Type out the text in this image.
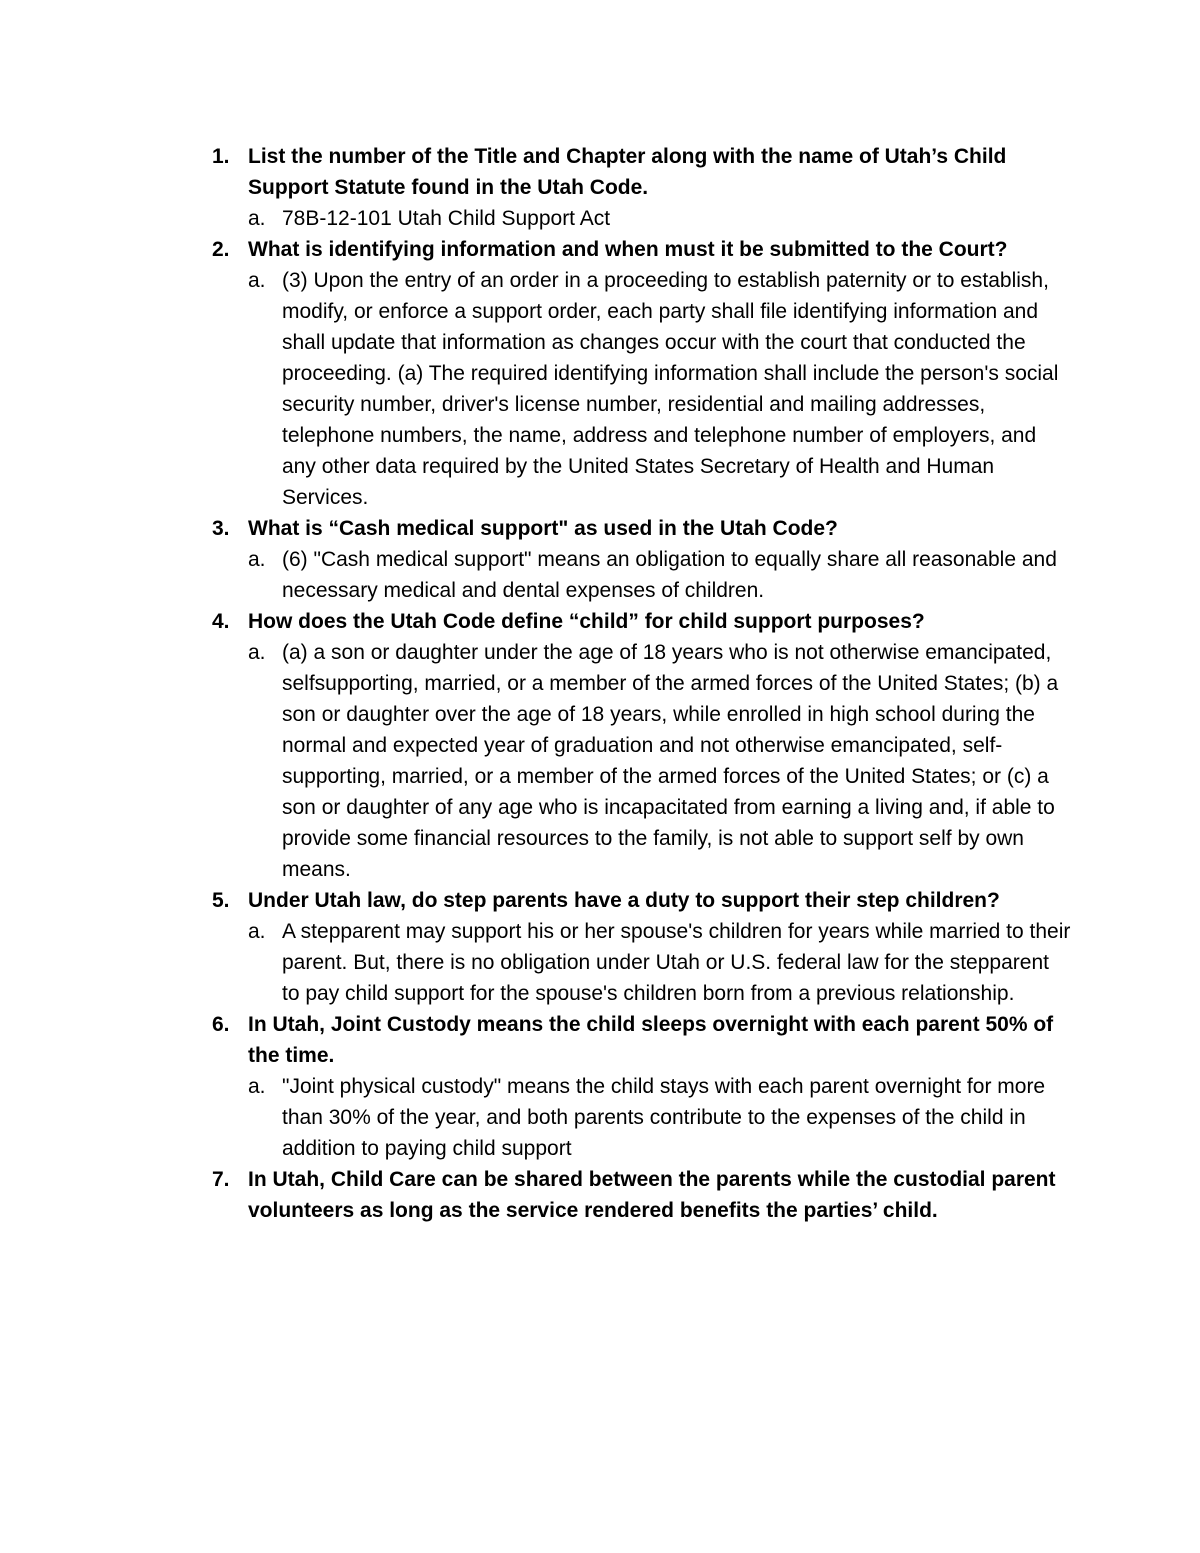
1. List the number of the Title and Chapter along with the name of Utah’s Child Support Statute found in the Utah Code.

a. 78B-12-101 Utah Child Support Act

2. What is identifying information and when must it be submitted to the Court?

a. (3) Upon the entry of an order in a proceeding to establish paternity or to establish, modify, or enforce a support order, each party shall file identifying information and shall update that information as changes occur with the court that conducted the proceeding. (a) The required identifying information shall include the person's social security number, driver's license number, residential and mailing addresses, telephone numbers, the name, address and telephone number of employers, and any other data required by the United States Secretary of Health and Human Services.

3. What is “Cash medical support" as used in the Utah Code?

a. (6) "Cash medical support" means an obligation to equally share all reasonable and necessary medical and dental expenses of children.

4. How does the Utah Code define “child” for child support purposes?

a. (a) a son or daughter under the age of 18 years who is not otherwise emancipated, selfsupporting, married, or a member of the armed forces of the United States; (b) a son or daughter over the age of 18 years, while enrolled in high school during the normal and expected year of graduation and not otherwise emancipated, self-supporting, married, or a member of the armed forces of the United States; or (c) a son or daughter of any age who is incapacitated from earning a living and, if able to provide some financial resources to the family, is not able to support self by own means.

5. Under Utah law, do step parents have a duty to support their step children?

a. A stepparent may support his or her spouse's children for years while married to their parent. But, there is no obligation under Utah or U.S. federal law for the stepparent to pay child support for the spouse's children born from a previous relationship.

6. In Utah, Joint Custody means the child sleeps overnight with each parent 50% of the time.

a. "Joint physical custody" means the child stays with each parent overnight for more than 30% of the year, and both parents contribute to the expenses of the child in addition to paying child support

7. In Utah, Child Care can be shared between the parents while the custodial parent volunteers as long as the service rendered benefits the parties’ child.
